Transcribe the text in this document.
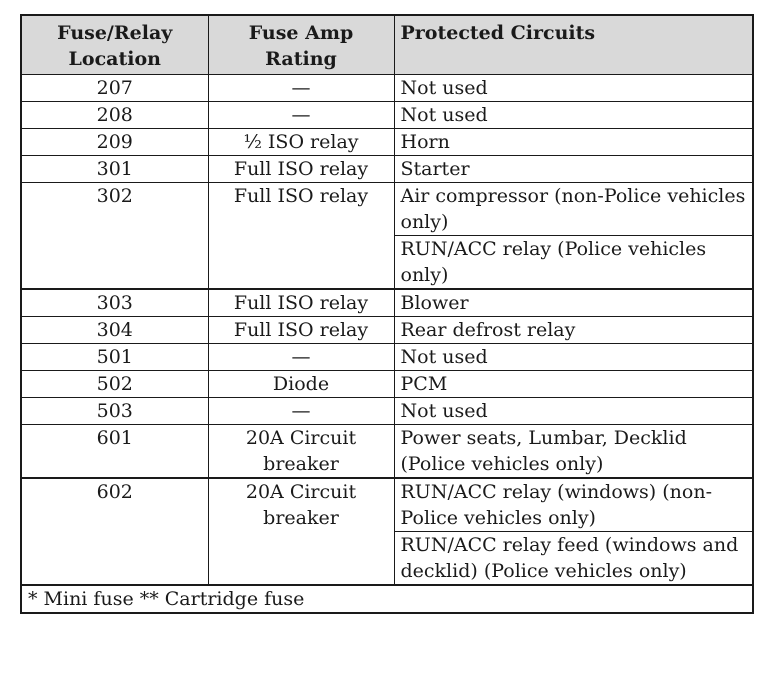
Fuse/Relay Location	Fuse Amp Rating	Protected Circuits
207	—	Not used
208	—	Not used
209	½ ISO relay	Horn
301	Full ISO relay	Starter
302	Full ISO relay	Air compressor (non-Police vehicles only)
		RUN/ACC relay (Police vehicles only)
303	Full ISO relay	Blower
304	Full ISO relay	Rear defrost relay
501	—	Not used
502	Diode	PCM
503	—	Not used
601	20A Circuit breaker	Power seats, Lumbar, Decklid (Police vehicles only)
602	20A Circuit breaker	RUN/ACC relay (windows) (non-Police vehicles only)
		RUN/ACC relay feed (windows and decklid) (Police vehicles only)
* Mini fuse ** Cartridge fuse		
